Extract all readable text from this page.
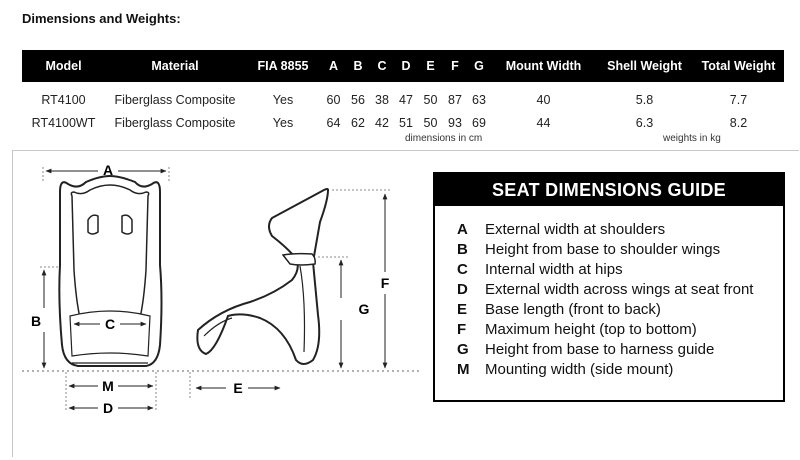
Dimensions and Weights:
Model	Material	FIA 8855	A	B	C	D	E	F	G	Mount Width	Shell Weight	Total Weight
RT4100	Fiberglass Composite	Yes	60	56	38	47	50	87	63	40	5.8	7.7
RT4100WT	Fiberglass Composite	Yes	64	62	42	51	50	93	69	44	6.3	8.2
dimensions in cm	weights in kg
A
B	C
M
D
F
G
E
SEAT DIMENSIONS GUIDE
A External width at shoulders
B Height from base to shoulder wings
C Internal width at hips
D External width across wings at seat front
E Base length (front to back)
F Maximum height (top to bottom)
G Height from base to harness guide
M Mounting width (side mount)
